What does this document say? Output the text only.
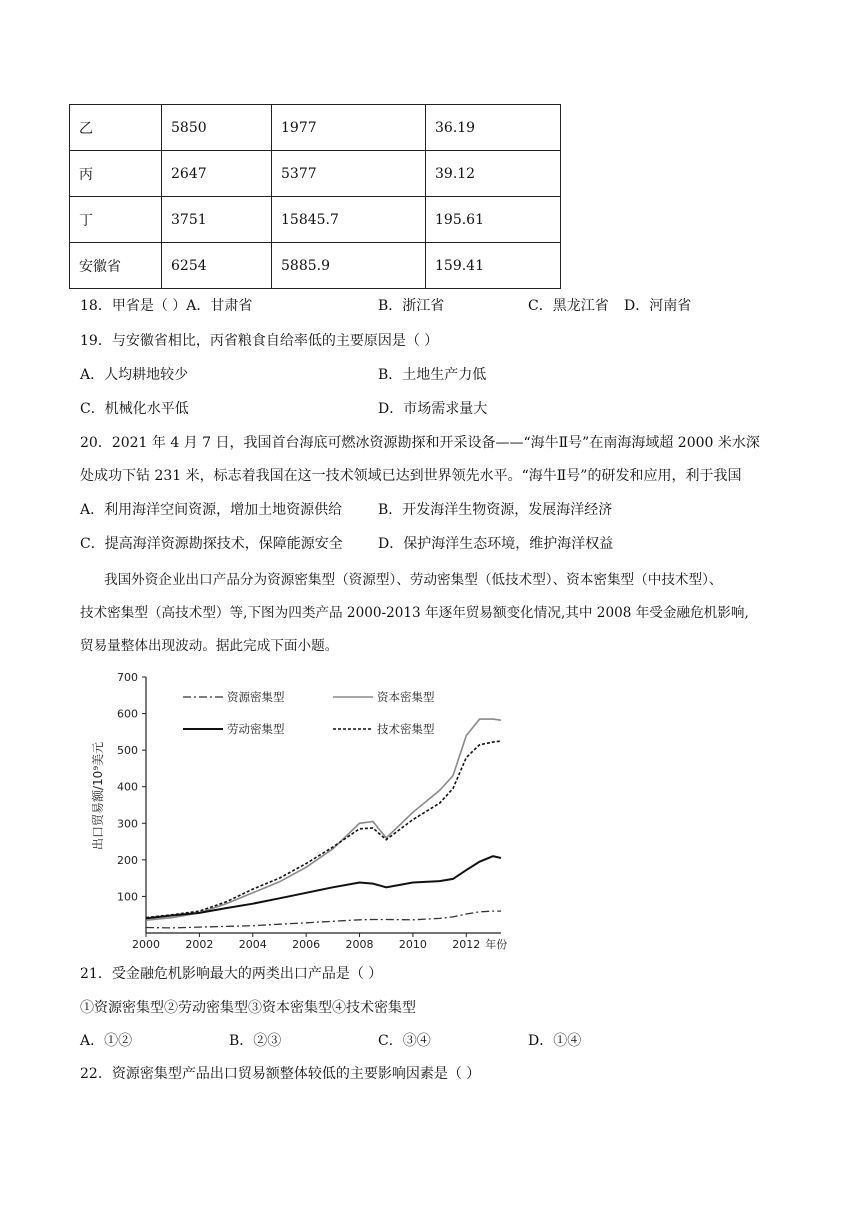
乙	5850	1977	36.19
丙	2647	5377	39.12
丁	3751	15845.7	195.61
安徽省	6254	5885.9	159.41
18．甲省是（ ）A．甘肃省	B．浙江省	C．黑龙江省 D．河南省
19．与安徽省相比，丙省粮食自给率低的主要原因是（ ）
A．人均耕地较少	B．土地生产力低
C．机械化水平低	D．市场需求量大
20．2021 年 4 月 7 日，我国首台海底可燃冰资源勘探和开采设备——“海牛Ⅱ号”在南海海域超 2000 米水深
处成功下钻 231 米，标志着我国在这一技术领域已达到世界领先水平。“海牛Ⅱ号”的研发和应用，利于我国
A．利用海洋空间资源，增加土地资源供给	B．开发海洋生物资源，发展海洋经济
C．提高海洋资源勘探技术，保障能源安全	D．保护海洋生态环境，维护海洋权益
我国外资企业出口产品分为资源密集型（资源型）、劳动密集型（低技术型）、资本密集型（中技术型）、
技术密集型（高技术型）等,下图为四类产品 2000-2013 年逐年贸易额变化情况,其中 2008 年受金融危机影响,
贸易量整体出现波动。据此完成下面小题。
100
200
300
400
500
600
700
2000 2002 2004 2006 2008 2010 2012 年份
资源密集型	资本密集型
劳动密集型	技术密集型
出口贸易额/10⁹美元
21．受金融危机影响最大的两类出口产品是（ ）
①资源密集型②劳动密集型③资本密集型④技术密集型
A．①②	B．②③	C．③④	D．①④
22．资源密集型产品出口贸易额整体较低的主要影响因素是（ ）
